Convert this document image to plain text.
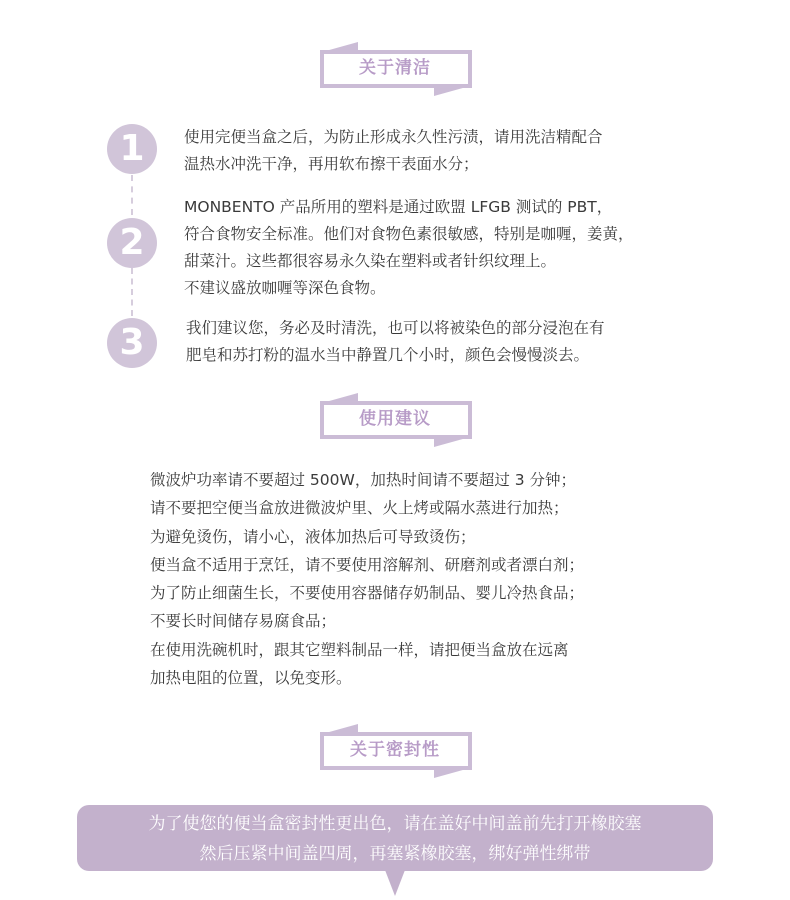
关于清洁
1	使用完便当盒之后，为防止形成永久性污渍，请用洗洁精配合

温热水冲洗干净，再用软布擦干表面水分；

2

MONBENTO 产品所用的塑料是通过欧盟 LFGB 测试的 PBT，

符合食物安全标准。他们对食物色素很敏感，特别是咖喱，姜黄，

甜菜汁。这些都很容易永久染在塑料或者针织纹理上。

不建议盛放咖喱等深色食物。

3	我们建议您，务必及时清洗，也可以将被染色的部分浸泡在有

肥皂和苏打粉的温水当中静置几个小时，颜色会慢慢淡去。

使用建议

微波炉功率请不要超过 500W，加热时间请不要超过 3 分钟；

请不要把空便当盒放进微波炉里、火上烤或隔水蒸进行加热；

为避免烫伤，请小心，液体加热后可导致烫伤；

便当盒不适用于烹饪，请不要使用溶解剂、研磨剂或者漂白剂；

为了防止细菌生长，不要使用容器储存奶制品、婴儿冷热食品；

不要长时间储存易腐食品；

在使用洗碗机时，跟其它塑料制品一样，请把便当盒放在远离

加热电阻的位置，以免变形。

关于密封性

为了使您的便当盒密封性更出色，请在盖好中间盖前先打开橡胶塞

然后压紧中间盖四周，再塞紧橡胶塞，绑好弹性绑带
